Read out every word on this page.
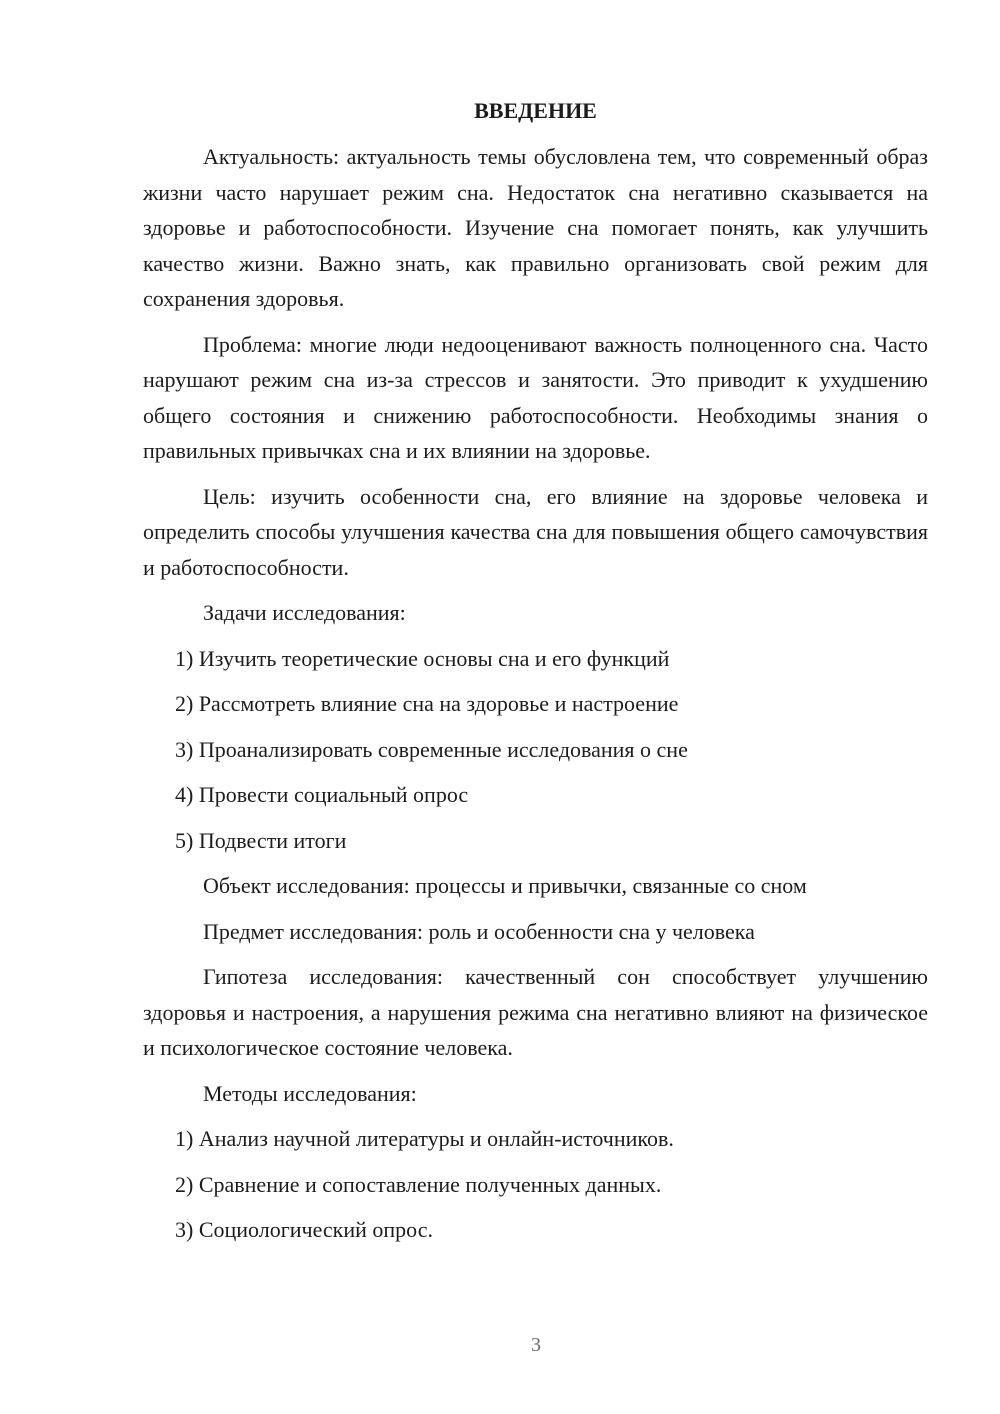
ВВЕДЕНИЕ

Актуальность: актуальность темы обусловлена тем, что современный образ жизни часто нарушает режим сна. Недостаток сна негативно сказывается на здоровье и работоспособности. Изучение сна помогает понять, как улучшить качество жизни. Важно знать, как правильно организовать свой режим для сохранения здоровья.

Проблема: многие люди недооценивают важность полноценного сна. Часто нарушают режим сна из-за стрессов и занятости. Это приводит к ухудшению общего состояния и снижению работоспособности. Необходимы знания о правильных привычках сна и их влиянии на здоровье.

Цель: изучить особенности сна, его влияние на здоровье человека и определить способы улучшения качества сна для повышения общего самочувствия и работоспособности.

Задачи исследования:
1) Изучить теоретические основы сна и его функций
2) Рассмотреть влияние сна на здоровье и настроение
3) Проанализировать современные исследования о сне
4) Провести социальный опрос
5) Подвести итоги
Объект исследования: процессы и привычки, связанные со сном
Предмет исследования: роль и особенности сна у человека

Гипотеза исследования: качественный сон способствует улучшению здоровья и настроения, а нарушения режима сна негативно влияют на физическое и психологическое состояние человека.

Методы исследования:
1) Анализ научной литературы и онлайн-источников.
2) Сравнение и сопоставление полученных данных.
3) Социологический опрос.
3
